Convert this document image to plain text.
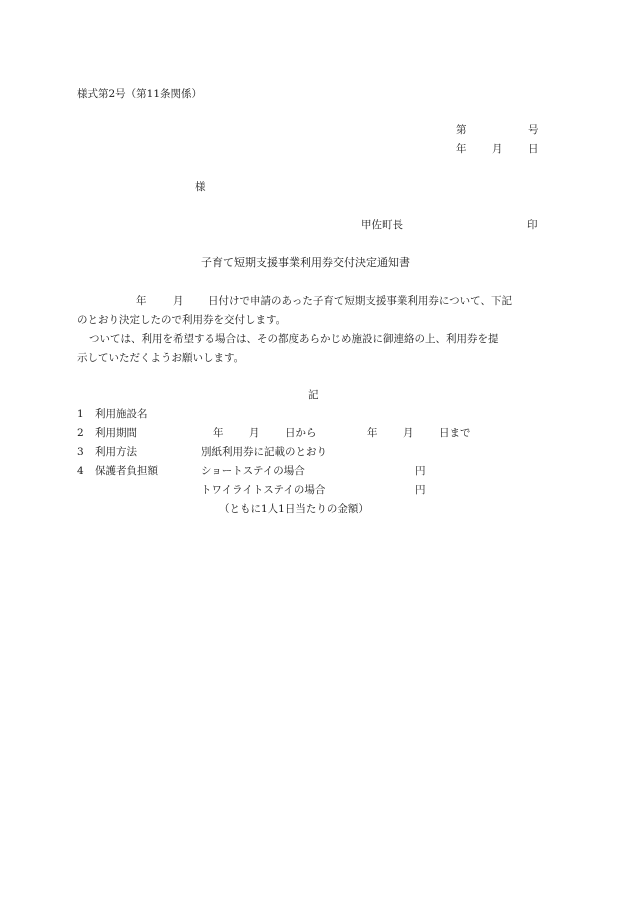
様式第2号（第11条関係）
第	号
年 月 日
様
甲佐町長	印
子育て短期支援事業利用券交付決定通知書
年	月 日付けで申請のあった子育て短期支援事業利用券について、下記
のとおり決定したので利用券を交付します。
ついては、利用を希望する場合は、その都度あらかじめ施設に御連絡の上、利用券を提
示していただくようお願いします。
記
1 利用施設名
2 利用期間	年 月 日から	年 月 日まで
3 利用方法	別紙利用券に記載のとおり
4 保護者負担額	ショートステイの場合	円
トワイライトステイの場合	円
（ともに1人1日当たりの金額）
